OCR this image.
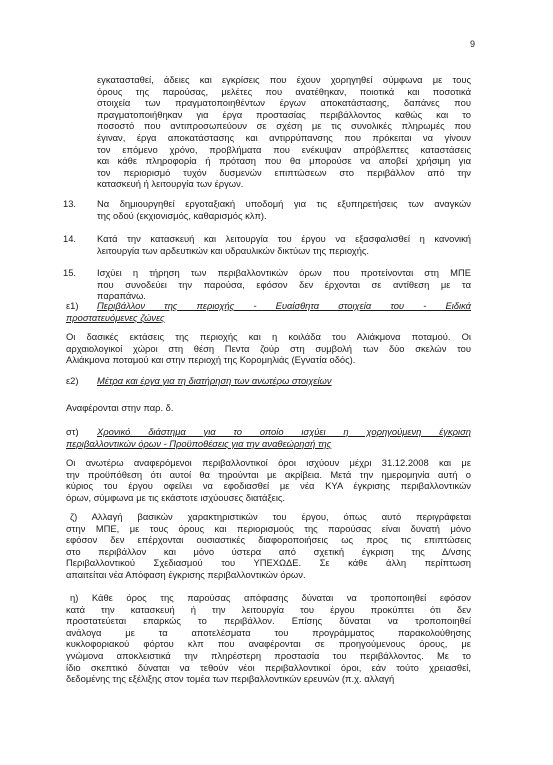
9
εγκατασταθεί, άδειες και εγκρίσεις που έχουν χορηγηθεί σύμφωνα με τους
όρους της παρούσας, μελέτες που ανατέθηκαν, ποιοτικά και ποσοτικά
στοιχεία των πραγματοποιηθέντων έργων αποκατάστασης, δαπάνες που
πραγματοποιήθηκαν για έργα προστασίας περιβάλλοντος καθώς και το
ποσοστό που αντιπροσωπεύουν σε σχέση με τις συνολικές πληρωμές που
έγιναν, έργα αποκατάστασης και αντιρρύπανσης που πρόκειται να γίνουν
τον επόμενο χρόνο, προβλήματα που ενέκυψαν απρόβλεπτες καταστάσεις
και κάθε πληροφορία ή πρόταση που θα μπορούσε να αποβεί χρήσιμη για
τον περιορισμό τυχόν δυσμενών επιπτώσεων στο περιβάλλον από την
κατασκευή ή λειτουργία των έργων.
13. Να δημιουργηθεί εργοταξιακή υποδομή για τις εξυπηρετήσεις των αναγκών
της οδού (εκχιονισμός, καθαρισμός κλπ).
14. Κατά την κατασκευή και λειτουργία του έργου να εξασφαλισθεί η κανονική
λειτουργία των αρδευτικών και υδραυλικών δικτύων της περιοχής.
15. Ισχύει η τήρηση των περιβαλλοντικών όρων που προτείνονται στη ΜΠΕ
που συνοδεύει την παρούσα, εφόσον δεν έρχονται σε αντίθεση με τα
παραπάνω.
ε1) Περιβάλλον της περιοχής - Ευαίσθητα στοιχεία του - Ειδικά
προστατευόμενες ζώνες
Οι δασικές εκτάσεις της περιοχής και η κοιλάδα του Αλιάκμονα ποταμού. Οι
αρχαιολογικοί χώροι στη θέση Πεντα ζούρ στη συμβολή των δύο σκελών του
Αλιάκμονα ποταμού και στην περιοχή της Κορομηλιάς (Εγνατία οδός).
ε2) Μέτρα και έργα για τη διατήρηση των ανωτέρω στοιχείων
Αναφέρονται στην παρ. δ.
στ) Χρονικό διάστημα για το οποίο ισχύει η χορηγούμενη έγκριση
περιβαλλοντικών όρων - Προϋποθέσεις για την αναθεώρησή της
Οι ανωτέρω αναφερόμενοι περιβαλλοντικοί όροι ισχύουν μέχρι 31.12.2008 και με
την προϋπόθεση ότι αυτοί θα τηρούνται με ακρίβεια. Μετά την ημερομηνία αυτή ο
κύριος του έργου οφείλει να εφοδιασθεί με νέα ΚΥΑ έγκρισης περιβαλλοντικών
όρων, σύμφωνα με τις εκάστοτε ισχύουσες διατάξεις.
ζ) Αλλαγή βασικών χαρακτηριστικών του έργου, όπως αυτό περιγράφεται
στην ΜΠΕ, με τους όρους και περιορισμούς της παρούσας είναι δυνατή μόνο
εφόσον δεν επέρχονται ουσιαστικές διαφοροποιήσεις ως προς τις επιπτώσεις
στο περιβάλλον και μόνο ύστερα από σχετική έγκριση της Δ/νσης
Περιβαλλοντικού Σχεδιασμού του ΥΠΕΧΩΔΕ. Σε κάθε άλλη περίπτωση
απαιτείται νέα Απόφαση έγκρισης περιβαλλοντικών όρων.
η) Κάθε όρος της παρούσας απόφασης δύναται να τροποποιηθεί εφόσον
κατά την κατασκευή ή την λειτουργία του έργου προκύπτει ότι δεν
προστατεύεται επαρκώς το περιβάλλον. Επίσης δύναται να τροποποιηθεί
ανάλογα με τα αποτελέσματα του προγράμματος παρακολούθησης
κυκλοφοριακού φόρτου κλπ που αναφέρονται σε προηγούμενους όρους, με
γνώμονα αποκλειστικά την πληρέστερη προστασία του περιβάλλοντος. Με το
ίδιο σκεπτικό δύναται να τεθούν νέοι περιβαλλοντικοί όροι, εάν τούτο χρειασθεί,
δεδομένης της εξέλιξης στον τομέα των περιβαλλοντικών ερευνών (π.χ. αλλαγή
